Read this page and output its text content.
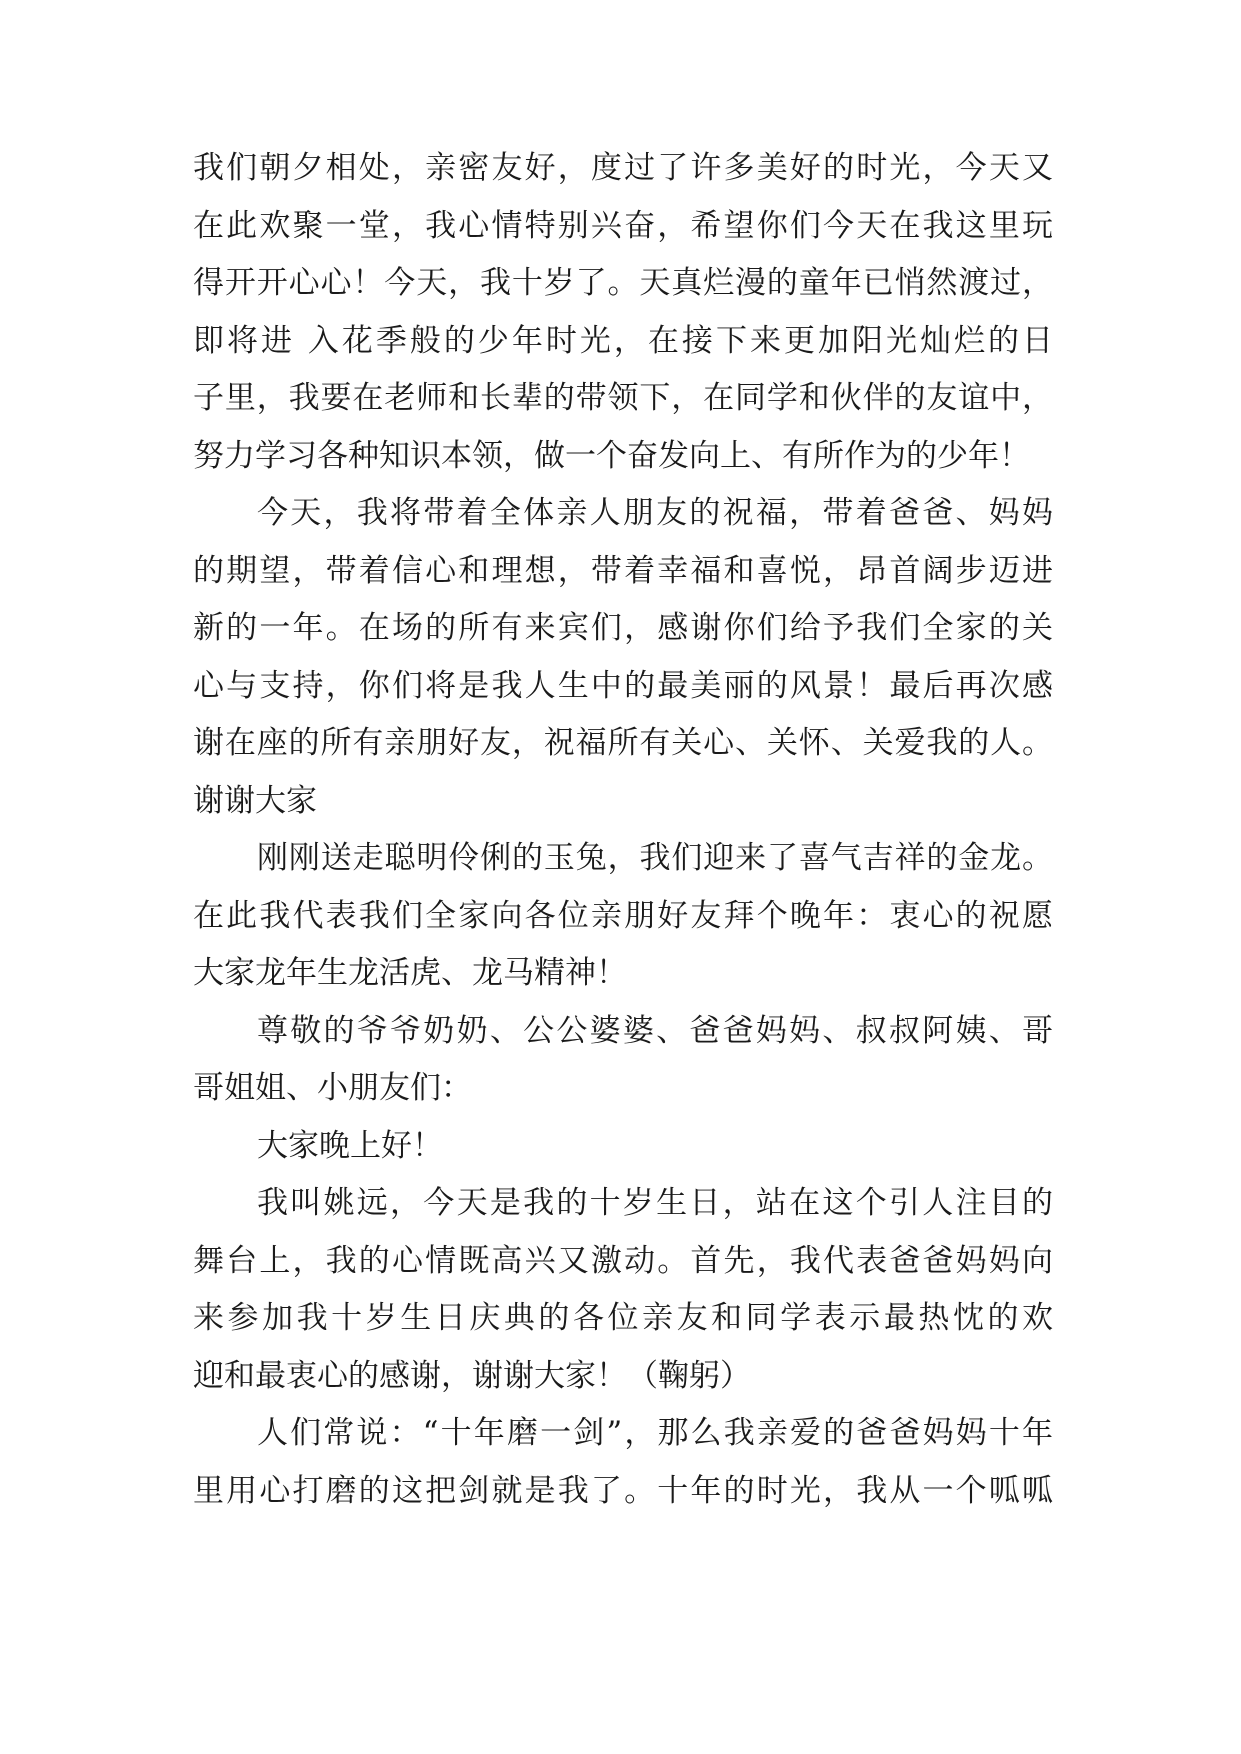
我们朝夕相处，亲密友好，度过了许多美好的时光，今天又
在此欢聚一堂，我心情特别兴奋，希望你们今天在我这里玩
得开开心心！今天，我十岁了。天真烂漫的童年已悄然渡过，
即将进 入花季般的少年时光，在接下来更加阳光灿烂的日
子里，我要在老师和长辈的带领下，在同学和伙伴的友谊中，
努力学习各种知识本领，做一个奋发向上、有所作为的少年！
今天，我将带着全体亲人朋友的祝福，带着爸爸、妈妈
的期望，带着信心和理想，带着幸福和喜悦，昂首阔步迈进
新的一年。在场的所有来宾们，感谢你们给予我们全家的关
心与支持，你们将是我人生中的最美丽的风景！最后再次感
谢在座的所有亲朋好友，祝福所有关心、关怀、关爱我的人。
谢谢大家
刚刚送走聪明伶俐的玉兔，我们迎来了喜气吉祥的金龙。
在此我代表我们全家向各位亲朋好友拜个晚年：衷心的祝愿
大家龙年生龙活虎、龙马精神！
尊敬的爷爷奶奶、公公婆婆、爸爸妈妈、叔叔阿姨、哥
哥姐姐、小朋友们：
大家晚上好！
我叫姚远，今天是我的十岁生日，站在这个引人注目的
舞台上，我的心情既高兴又激动。首先，我代表爸爸妈妈向
来参加我十岁生日庆典的各位亲友和同学表示最热忱的欢
迎和最衷心的感谢，谢谢大家！（鞠躬）
人们常说：“十年磨一剑”，那么我亲爱的爸爸妈妈十年
里用心打磨的这把剑就是我了。十年的时光，我从一个呱呱
